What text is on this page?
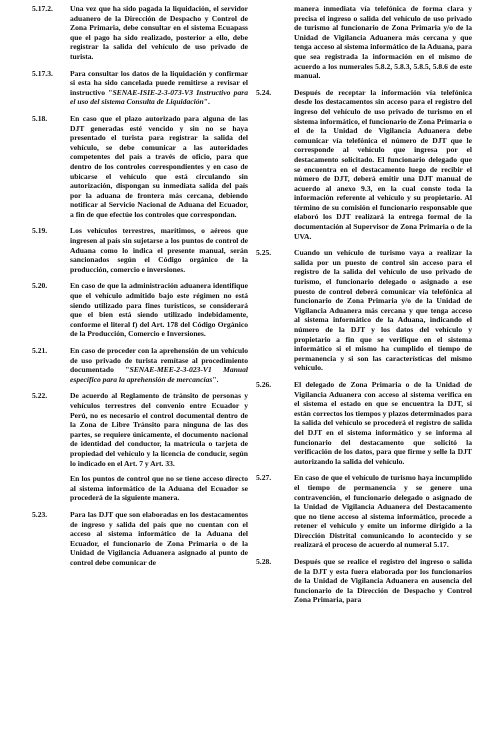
5.17.2.	Una vez que ha sido pagada la liquidación, el servidor aduanero de la Dirección de Despacho y Control de Zona Primaria, debe consultar en el sistema Ecuapass que el pago ha sido realizado, posterior a ello, debe registrar la salida del vehículo de uso privado de turista.
5.17.3.	Para consultar los datos de la liquidación y confirmar si esta ha sido cancelada puede remitirse a revisar el instructivo "SENAE-ISIE-2-3-073-V3 Instructivo para el uso del sistema Consulta de Liquidación".
5.18.	En caso que el plazo autorizado para alguna de las DJT generadas esté vencido y sin no se haya presentado el turista para registrar la salida del vehículo, se debe comunicar a las autoridades competentes del país a través de oficio, para que dentro de los controles correspondientes y en caso de ubicarse el vehículo que está circulando sin autorización, dispongan su inmediata salida del país por la aduana de frontera más cercana, debiendo notificar al Servicio Nacional de Aduana del Ecuador, a fin de que efectúe los controles que correspondan.
5.19.	Los vehículos terrestres, marítimos, o aéreos que ingresen al país sin sujetarse a los puntos de control de Aduana como lo indica el presente manual, serán sancionados según el Código orgánico de la producción, comercio e inversiones.
5.20.	En caso de que la administración aduanera identifique que el vehículo admitido bajo este régimen no está siendo utilizado para fines turísticos, se considerará que el bien está siendo utilizado indebidamente, conforme el literal f) del Art. 178 del Código Orgánico de la Producción, Comercio e Inversiones.
5.21.	En caso de proceder con la aprehensión de un vehículo de uso privado de turista remítase al procedimiento documentado "SENAE-MEE-2-3-023-V1 Manual específico para la aprehensión de mercancías".
5.22.	De acuerdo al Reglamento de tránsito de personas y vehículos terrestres del convenio entre Ecuador y Perú, no es necesario el control documental dentro de la Zona de Libre Tránsito para ninguna de las dos partes, se requiere únicamente, el documento nacional de identidad del conductor, la matrícula o tarjeta de propiedad del vehículo y la licencia de conducir, según lo indicado en el Art. 7 y Art. 33.
En los puntos de control que no se tiene acceso directo al sistema informático de la Aduana del Ecuador se procederá de la siguiente manera.
5.23.	Para las DJT que son elaboradas en los destacamentos de ingreso y salida del país que no cuentan con el acceso al sistema informático de la Aduana del Ecuador, el funcionario de Zona Primaria o de la Unidad de Vigilancia Aduanera asignado al punto de control debe comunicar de
manera inmediata vía telefónica de forma clara y precisa el ingreso o salida del vehículo de uso privado de turismo al funcionario de Zona Primaria y/o de la Unidad de Vigilancia Aduanera más cercana y que tenga acceso al sistema informático de la Aduana, para que sea registrada la información en el mismo de acuerdo a los numerales 5.8.2, 5.8.3, 5.8.5, 5.8.6 de este manual.
5.24.	Después de receptar la información vía telefónica desde los destacamentos sin acceso para el registro del ingreso del vehículo de uso privado de turismo en el sistema informático, el funcionario de Zona Primaria o el de la Unidad de Vigilancia Aduanera debe comunicar vía telefónica el número de DJT que le corresponde al vehículo que ingresa por el destacamento solicitado. El funcionario delegado que se encuentra en el destacamento luego de recibir el número de DJT, deberá emitir una DJT manual de acuerdo al anexo 9.3, en la cual conste toda la información referente al vehículo y su propietario. Al término de su comisión el funcionario responsable que elaboró los DJT realizará la entrega formal de la documentación al Supervisor de Zona Primaria o de la UVA.
5.25.	Cuando un vehículo de turismo vaya a realizar la salida por un puesto de control sin acceso para el registro de la salida del vehículo de uso privado de turismo, el funcionario delegado o asignado a ese puesto de control deberá comunicar vía telefónica al funcionario de Zona Primaria y/o de la Unidad de Vigilancia Aduanera más cercana y que tenga acceso al sistema informático de la Aduana, indicando el número de la DJT y los datos del vehículo y propietario a fin que se verifique en el sistema informático si el mismo ha cumplido el tiempo de permanencia y si son las características del mismo vehículo.
5.26.	El delegado de Zona Primaria o de la Unidad de Vigilancia Aduanera con acceso al sistema verifica en el sistema el estado en que se encuentra la DJT, si están correctos los tiempos y plazos determinados para la salida del vehículo se procederá el registro de salida del DJT en el sistema informático y se informa al funcionario del destacamento que solicitó la verificación de los datos, para que firme y selle la DJT autorizando la salida del vehículo.
5.27.	En caso de que el vehículo de turismo haya incumplido el tiempo de permanencia y se genere una contravención, el funcionario delegado o asignado de la Unidad de Vigilancia Aduanera del Destacamento que no tiene acceso al sistema informático, procede a retener el vehículo y emite un informe dirigido a la Dirección Distrital comunicando lo acontecido y se realizará el proceso de acuerdo al numeral 5.17.
5.28.	Después que se realice el registro del ingreso o salida de la DJT y esta fuera elaborada por los funcionarios de la Unidad de Vigilancia Aduanera en ausencia del funcionario de la Dirección de Despacho y Control Zona Primaria, para
